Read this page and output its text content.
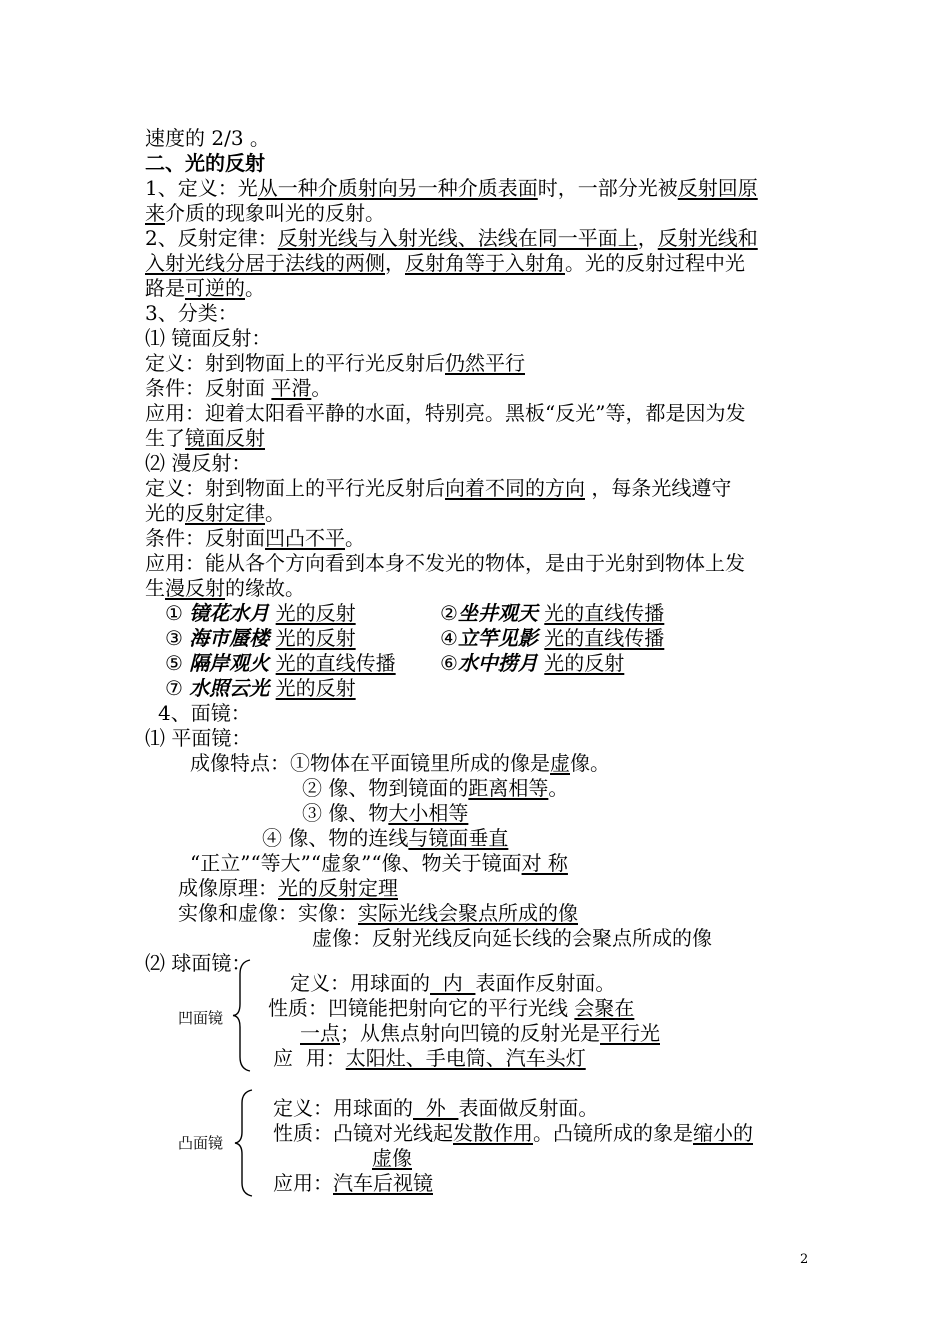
速度的 2/3 。
二、光的反射
1、定义：光从一种介质射向另一种介质表面时，一部分光被反射回原
来介质的现象叫光的反射。
2、反射定律：反射光线与入射光线、法线在同一平面上，反射光线和
入射光线分居于法线的两侧，反射角等于入射角。光的反射过程中光
路是可逆的。
3、分类：
⑴ 镜面反射：
定义：射到物面上的平行光反射后仍然平行
条件：反射面 平滑。
应用：迎着太阳看平静的水面，特别亮。黑板“反光”等，都是因为发
生了镜面反射
⑵ 漫反射：
定义：射到物面上的平行光反射后向着不同的方向 ，每条光线遵守
光的反射定律。
条件：反射面凹凸不平。
应用：能从各个方向看到本身不发光的物体，是由于光射到物体上发
生漫反射的缘故。
① 镜花水月 光的反射	②坐井观天 光的直线传播
③ 海市蜃楼 光的反射	④立竿见影 光的直线传播
⑤ 隔岸观火 光的直线传播 ⑥水中捞月 光的反射
⑦ 水照云光 光的反射
4、面镜：
⑴ 平面镜：
成像特点：①物体在平面镜里所成的像是虚像。
② 像、物到镜面的距离相等。
③ 像、物大小相等
④ 像、物的连线与镜面垂直
“正立”“等大”“虚象”“像、物关于镜面对 称
成像原理：光的反射定理
实像和虚像：实像：实际光线会聚点所成的像
虚像：反射光线反向延长线的会聚点所成的像
⑵ 球面镜：
凹面镜
定义：用球面的  内  表面作反射面。
性质：凹镜能把射向它的平行光线 会聚在
一点；从焦点射向凹镜的反射光是平行光
应  用：太阳灶、手电筒、汽车头灯
凸面镜
定义：用球面的  外  表面做反射面。
性质：凸镜对光线起发散作用。凸镜所成的象是缩小的
虚像
应用：汽车后视镜
2
